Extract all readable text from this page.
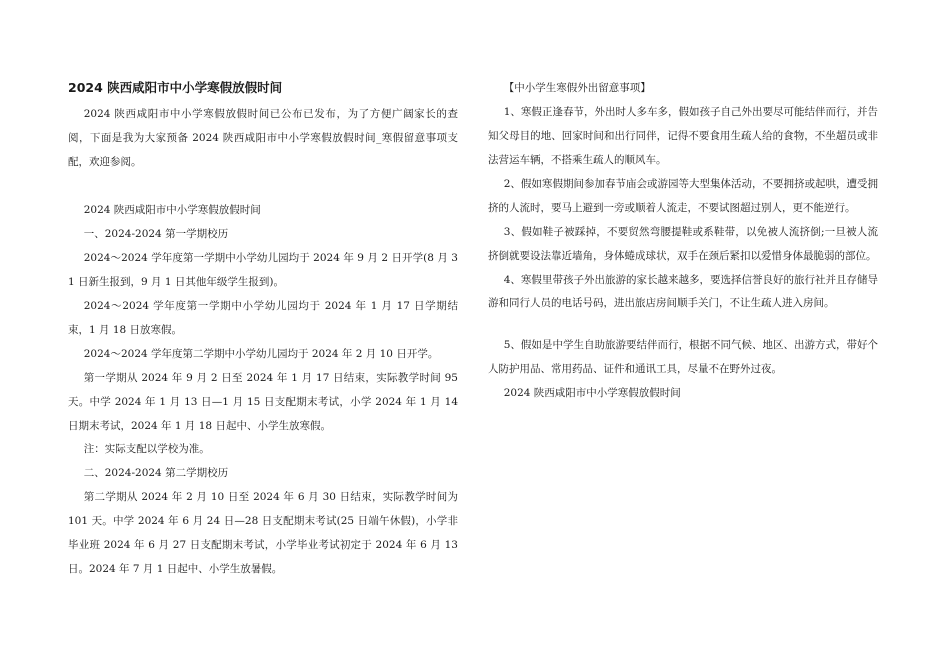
2024 陕西咸阳市中小学寒假放假时间

2024 陕西咸阳市中小学寒假放假时间已公布已发布，为了方便广阔家长的查阅，下面是我为大家预备 2024 陕西咸阳市中小学寒假放假时间_寒假留意事项支配，欢迎参阅。

2024 陕西咸阳市中小学寒假放假时间

一、2024-2024 第一学期校历

2024～2024 学年度第一学期中小学幼儿园均于 2024 年 9 月 2 日开学(8 月 31 日新生报到，9 月 1 日其他年级学生报到)。

2024～2024 学年度第一学期中小学幼儿园均于 2024 年 1 月 17 日学期结束，1 月 18 日放寒假。

2024～2024 学年度第二学期中小学幼儿园均于 2024 年 2 月 10 日开学。

第一学期从 2024 年 9 月 2 日至 2024 年 1 月 17 日结束，实际教学时间 95 天。中学 2024 年 1 月 13 日—1 月 15 日支配期末考试，小学 2024 年 1 月 14 日期末考试，2024 年 1 月 18 日起中、小学生放寒假。

注：实际支配以学校为准。

二、2024-2024 第二学期校历

第二学期从 2024 年 2 月 10 日至 2024 年 6 月 30 日结束，实际教学时间为 101 天。中学 2024 年 6 月 24 日—28 日支配期末考试(25 日端午休假)，小学非毕业班 2024 年 6 月 27 日支配期末考试，小学毕业考试初定于 2024 年 6 月 13 日。2024 年 7 月 1 日起中、小学生放暑假。

【中小学生寒假外出留意事项】

1、寒假正逢春节，外出时人多车多，假如孩子自己外出要尽可能结伴而行，并告知父母目的地、回家时间和出行同伴，记得不要食用生疏人给的食物，不坐超员或非法营运车辆，不搭乘生疏人的顺风车。

2、假如寒假期间参加春节庙会或游园等大型集体活动，不要拥挤或起哄，遭受拥挤的人流时，要马上避到一旁或顺着人流走，不要试图超过别人，更不能逆行。

3、假如鞋子被踩掉，不要贸然弯腰提鞋或系鞋带，以免被人流挤倒;一旦被人流挤倒就要设法靠近墙角，身体蜷成球状，双手在颈后紧扣以爱惜身体最脆弱的部位。

4、寒假里带孩子外出旅游的家长越来越多，要选择信誉良好的旅行社并且存储导游和同行人员的电话号码，进出旅店房间顺手关门，不让生疏人进入房间。

5、假如是中学生自助旅游要结伴而行，根据不同气候、地区、出游方式，带好个人防护用品、常用药品、证件和通讯工具，尽量不在野外过夜。

2024 陕西咸阳市中小学寒假放假时间
